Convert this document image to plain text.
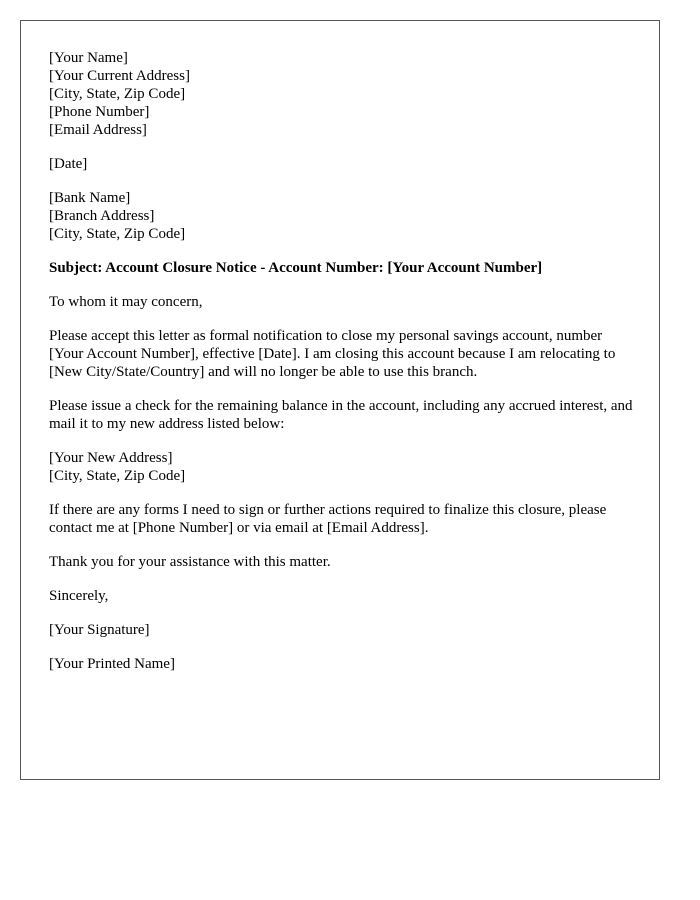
[Your Name]
[Your Current Address]
[City, State, Zip Code]
[Phone Number]
[Email Address]
[Date]
[Bank Name]
[Branch Address]
[City, State, Zip Code]
Subject: Account Closure Notice - Account Number: [Your Account Number]
To whom it may concern,
Please accept this letter as formal notification to close my personal savings account, number [Your Account Number], effective [Date]. I am closing this account because I am relocating to [New City/State/Country] and will no longer be able to use this branch.
Please issue a check for the remaining balance in the account, including any accrued interest, and mail it to my new address listed below:
[Your New Address]
[City, State, Zip Code]
If there are any forms I need to sign or further actions required to finalize this closure, please contact me at [Phone Number] or via email at [Email Address].
Thank you for your assistance with this matter.
Sincerely,
[Your Signature]
[Your Printed Name]
